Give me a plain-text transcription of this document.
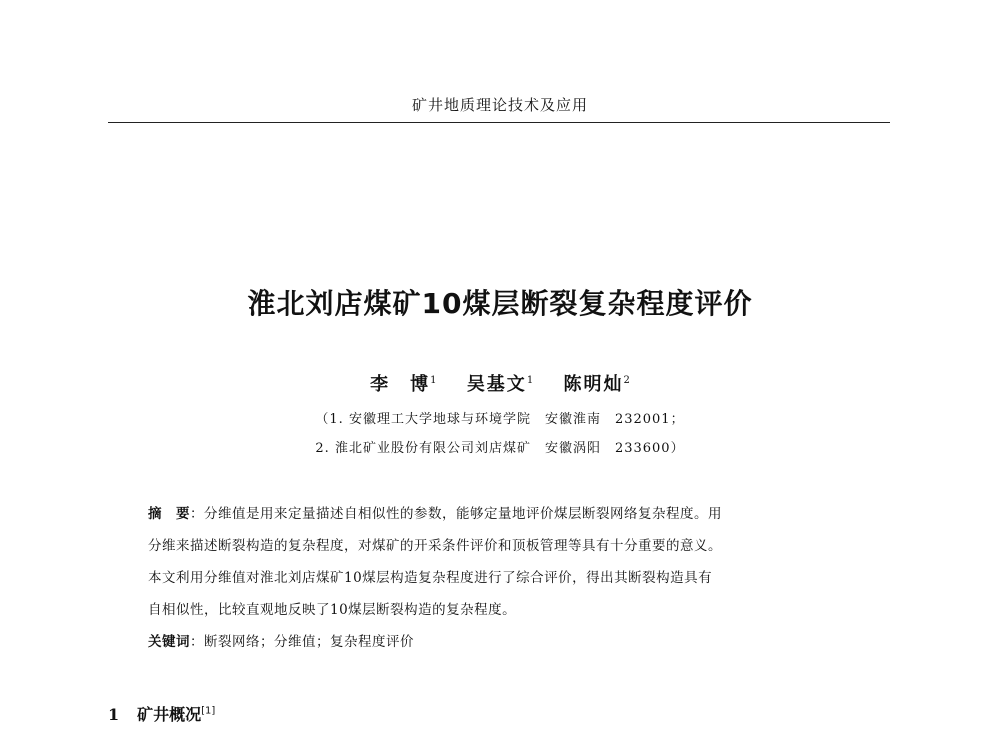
矿井地质理论技术及应用
淮北刘店煤矿10煤层断裂复杂程度评价
李　博$^1$ 吴基文$^1$ 陈明灿$^2$
（1. 安徽理工大学地球与环境学院　安徽淮南　232001；
2. 淮北矿业股份有限公司刘店煤矿　安徽涡阳　233600）
摘　要：分维值是用来定量描述自相似性的参数，能够定量地评价煤层断裂网络复杂程度。用
分维来描述断裂构造的复杂程度，对煤矿的开采条件评价和顶板管理等具有十分重要的意义。
本文利用分维值对淮北刘店煤矿10煤层构造复杂程度进行了综合评价，得出其断裂构造具有
自相似性，比较直观地反映了10煤层断裂构造的复杂程度。
关键词：断裂网络；分维值；复杂程度评价
1 矿井概况[1]
